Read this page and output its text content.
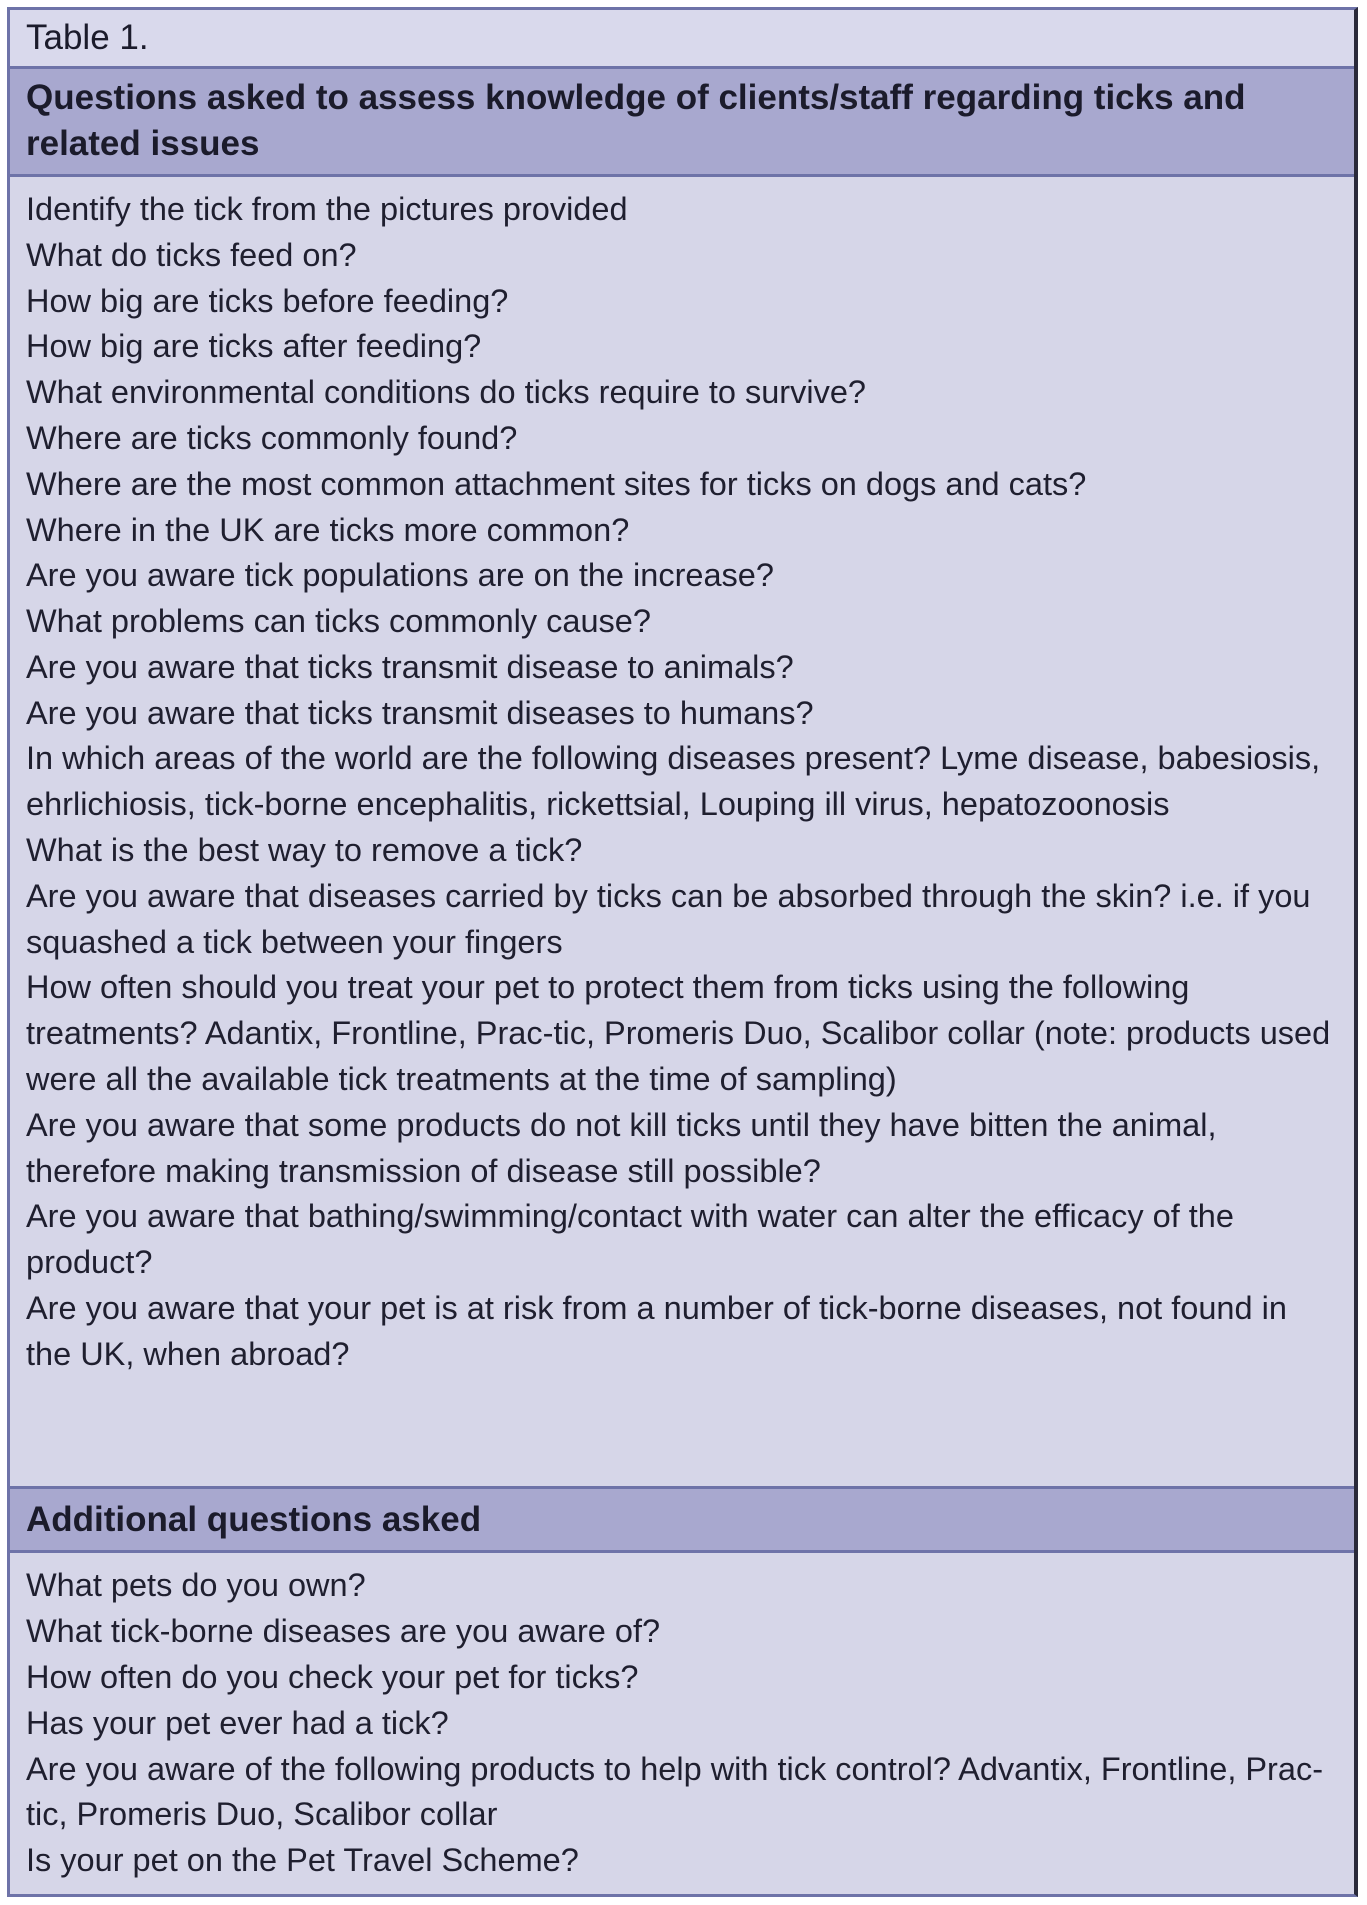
Table 1.
Questions asked to assess knowledge of clients/staff regarding ticks and related issues
Identify the tick from the pictures provided
What do ticks feed on?
How big are ticks before feeding?
How big are ticks after feeding?
What environmental conditions do ticks require to survive?
Where are ticks commonly found?
Where are the most common attachment sites for ticks on dogs and cats?
Where in the UK are ticks more common?
Are you aware tick populations are on the increase?
What problems can ticks commonly cause?
Are you aware that ticks transmit disease to animals?
Are you aware that ticks transmit diseases to humans?
In which areas of the world are the following diseases present? Lyme disease, babesiosis, ehrlichiosis, tick-borne encephalitis, rickettsial, Louping ill virus, hepatozoonosis
What is the best way to remove a tick?
Are you aware that diseases carried by ticks can be absorbed through the skin? i.e. if you squashed a tick between your fingers
How often should you treat your pet to protect them from ticks using the following treatments? Adantix, Frontline, Prac-tic, Promeris Duo, Scalibor collar (note: products used were all the available tick treatments at the time of sampling)
Are you aware that some products do not kill ticks until they have bitten the animal, therefore making transmission of disease still possible?
Are you aware that bathing/swimming/contact with water can alter the efficacy of the product?
Are you aware that your pet is at risk from a number of tick-borne diseases, not found in the UK, when abroad?
Additional questions asked
What pets do you own?
What tick-borne diseases are you aware of?
How often do you check your pet for ticks?
Has your pet ever had a tick?
Are you aware of the following products to help with tick control? Advantix, Frontline, Prac-tic, Promeris Duo, Scalibor collar
Is your pet on the Pet Travel Scheme?
